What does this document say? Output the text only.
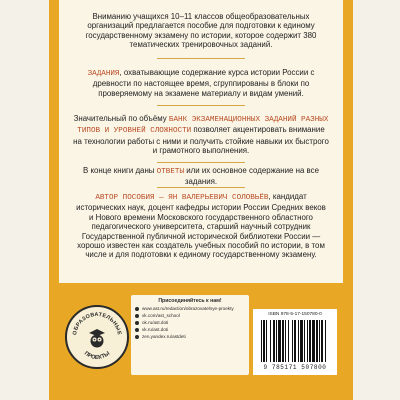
Вниманию учащихся 10–11 классов общеобразовательных организаций предлагается пособие для подготовки к единому государственному экзамену по истории, которое содержит 380 тематических тренировочных заданий.

ЗАДАНИЯ, охватывающие содержание курса истории России с древности по настоящее время, сгруппированы в блоки по проверяемому на экзамене материалу и видам умений.

Значительный по объёму БАНК ЭКЗАМЕНАЦИОННЫХ ЗАДАНИЙ РАЗНЫХ ТИПОВ И УРОВНЕЙ СЛОЖНОСТИ позволяет акцентировать внимание на технологии работы с ними и получить стойкие навыки их быстрого и грамотного выполнения.

В конце книги даны ОТВЕТЫ или их основное содержание на все задания.

АВТОР ПОСОБИЯ — ЯН ВАЛЕРЬЕВИЧ СОЛОВЬЁВ, кандидат исторических наук, доцент кафедры истории России Средних веков и Нового времени Московского государственного областного педагогического университета, старший научный сотрудник Государственной публичной исторической библиотеки России — хорошо известен как создатель учебных пособий по истории, в том числе и для подготовки к единому государственному экзамену.

ОБРАЗОВАТЕЛЬНЫЕ
ПРОЕКТЫ
Присоединяйтесь к нам!
www.ast.ru/redaction/obrazovatelnye-proekty
vk.com/ast_school
ok.ru/ast.doti
vk.ru/ast.doti
zen.yandex.ru/astdeti
ISBN 978-5-17-150780-0
9 785171 507800
